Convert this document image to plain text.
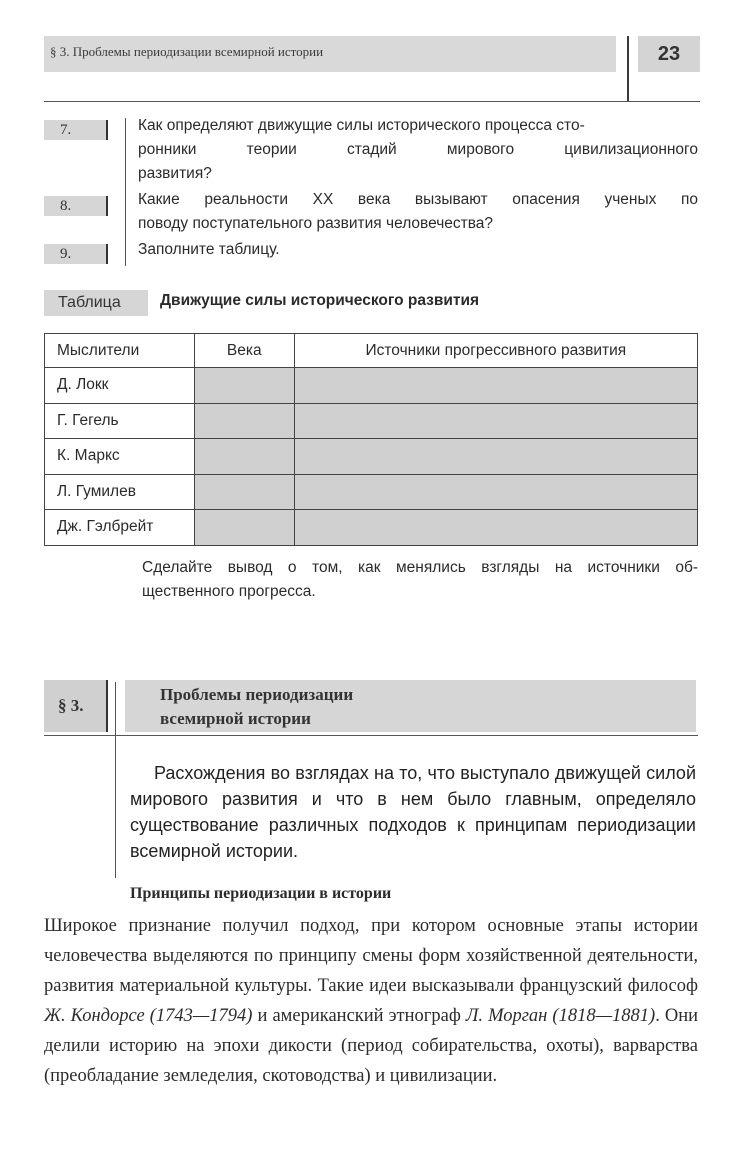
§ 3. Проблемы периодизации всемирной истории	23
7.	Как определяют движущие силы исторического процесса сто-
ронники теории стадий мирового цивилизационного
развития?
8.	Какие реальности XX века вызывают опасения ученых по
поводу поступательного развития человечества?
9.	Заполните таблицу.
Таблица	Движущие силы исторического развития
Мыслители	Века	Источники прогрессивного развития
Д. Локк		
Г. Гегель		
К. Маркс		
Л. Гумилев		
Дж. Гэлбрейт		
Сделайте вывод о том, как менялись взгляды на источники об-
щественного прогресса.
§ 3.
Проблемы периодизации
всемирной истории
Расхождения во взглядах на то, что выступало движущей силой мирового развития и что в нем было главным, определяло существование различных подходов к принципам периодизации всемирной истории.
Принципы периодизации в истории
Широкое признание получил подход, при котором основные этапы истории человечества выделяются по принципу смены форм хозяйственной деятельности, развития материальной культуры. Такие идеи высказывали французский философ Ж. Кондорсе (1743—1794) и американский этнограф Л. Морган (1818—1881). Они делили историю на эпохи дикости (период собирательства, охоты), варварства (преобладание земледелия, скотоводства) и цивилизации.
